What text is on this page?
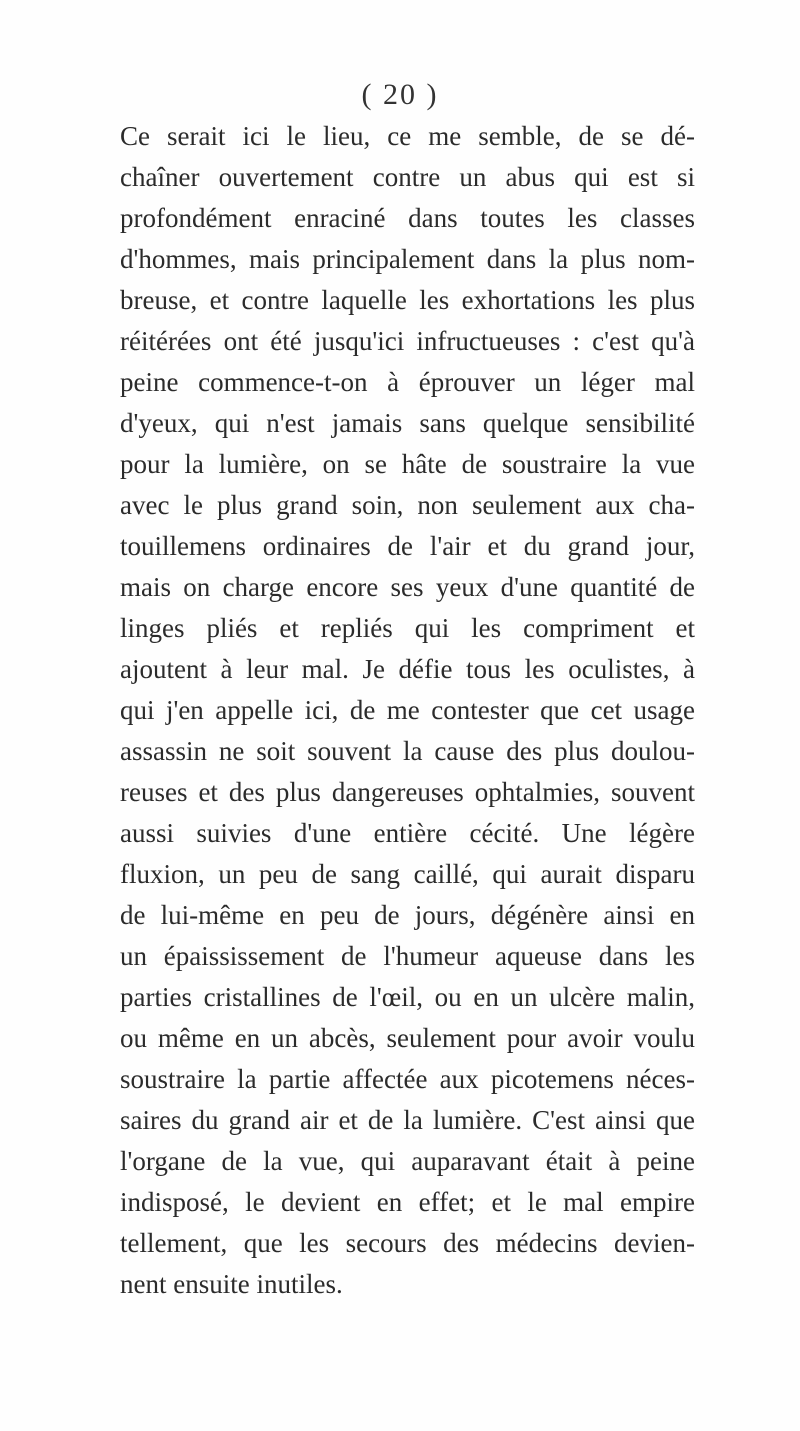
( 20 )
Ce serait ici le lieu, ce me semble, de se dé-
chaîner ouvertement contre un abus qui est si
profondément enraciné dans toutes les classes
d'hommes, mais principalement dans la plus nom-
breuse, et contre laquelle les exhortations les plus
réitérées ont été jusqu'ici infructueuses : c'est qu'à
peine commence-t-on à éprouver un léger mal
d'yeux, qui n'est jamais sans quelque sensibilité
pour la lumière, on se hâte de soustraire la vue
avec le plus grand soin, non seulement aux cha-
touillemens ordinaires de l'air et du grand jour,
mais on charge encore ses yeux d'une quantité de
linges pliés et repliés qui les compriment et
ajoutent à leur mal. Je défie tous les oculistes, à
qui j'en appelle ici, de me contester que cet usage
assassin ne soit souvent la cause des plus doulou-
reuses et des plus dangereuses ophtalmies, souvent
aussi suivies d'une entière cécité. Une légère
fluxion, un peu de sang caillé, qui aurait disparu
de lui-même en peu de jours, dégénère ainsi en
un épaississement de l'humeur aqueuse dans les
parties cristallines de l'œil, ou en un ulcère malin,
ou même en un abcès, seulement pour avoir voulu
soustraire la partie affectée aux picotemens néces-
saires du grand air et de la lumière. C'est ainsi que
l'organe de la vue, qui auparavant était à peine
indisposé, le devient en effet; et le mal empire
tellement, que les secours des médecins devien-
nent ensuite inutiles.
